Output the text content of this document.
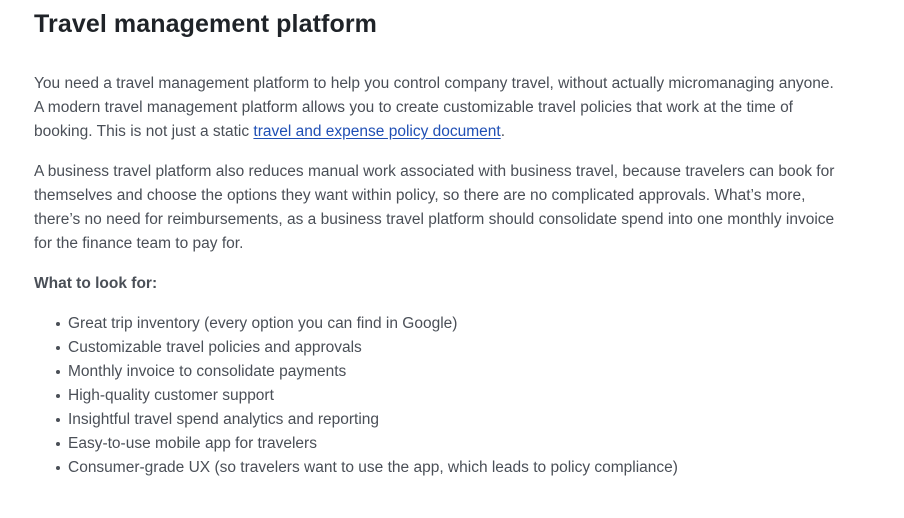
Travel management platform

You need a travel management platform to help you control company travel, without actually micromanaging anyone. A modern travel management platform allows you to create customizable travel policies that work at the time of booking. This is not just a static travel and expense policy document.

A business travel platform also reduces manual work associated with business travel, because travelers can book for themselves and choose the options they want within policy, so there are no complicated approvals. What’s more, there’s no need for reimbursements, as a business travel platform should consolidate spend into one monthly invoice for the finance team to pay for.

What to look for:

Great trip inventory (every option you can find in Google)
Customizable travel policies and approvals
Monthly invoice to consolidate payments
High-quality customer support
Insightful travel spend analytics and reporting
Easy-to-use mobile app for travelers
Consumer-grade UX (so travelers want to use the app, which leads to policy compliance)
